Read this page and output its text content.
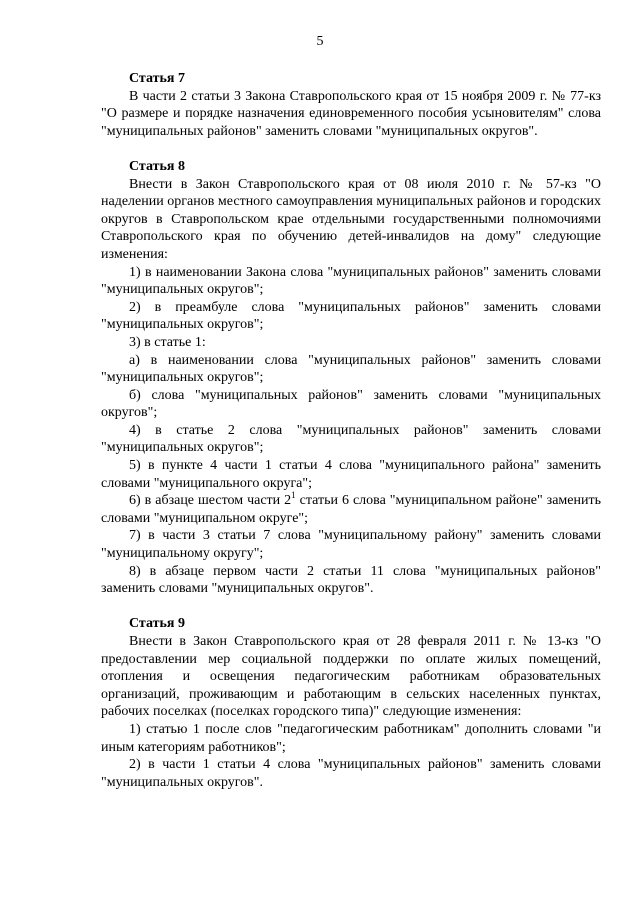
5

Статья 7

В части 2 статьи 3 Закона Ставропольского края от 15 ноября 2009 г. № 77-кз "О размере и порядке назначения единовременного пособия усыновителям" слова "муниципальных районов" заменить словами "муниципальных округов".

Статья 8

Внести в Закон Ставропольского края от 08 июля 2010 г. № 57-кз "О наделении органов местного самоуправления муниципальных районов и городских округов в Ставропольском крае отдельными государственными полномочиями Ставропольского края по обучению детей-инвалидов на дому" следующие изменения:

1) в наименовании Закона слова "муниципальных районов" заменить словами "муниципальных округов";

2) в преамбуле слова "муниципальных районов" заменить словами "муниципальных округов";

3) в статье 1:

а) в наименовании слова "муниципальных районов" заменить словами "муниципальных округов";

б) слова "муниципальных районов" заменить словами "муниципальных округов";

4) в статье 2 слова "муниципальных районов" заменить словами "муниципальных округов";

5) в пункте 4 части 1 статьи 4 слова "муниципального района" заменить словами "муниципального округа";

6) в абзаце шестом части $2^1$ статьи 6 слова "муниципальном районе" заменить словами "муниципальном округе";

7) в части 3 статьи 7 слова "муниципальному району" заменить словами "муниципальному округу";

8) в абзаце первом части 2 статьи 11 слова "муниципальных районов" заменить словами "муниципальных округов".

Статья 9

Внести в Закон Ставропольского края от 28 февраля 2011 г. № 13-кз "О предоставлении мер социальной поддержки по оплате жилых помещений, отопления и освещения педагогическим работникам образовательных организаций, проживающим и работающим в сельских населенных пунктах, рабочих поселках (поселках городского типа)" следующие изменения:

1) статью 1 после слов "педагогическим работникам" дополнить словами "и иным категориям работников";

2) в части 1 статьи 4 слова "муниципальных районов" заменить словами "муниципальных округов".
